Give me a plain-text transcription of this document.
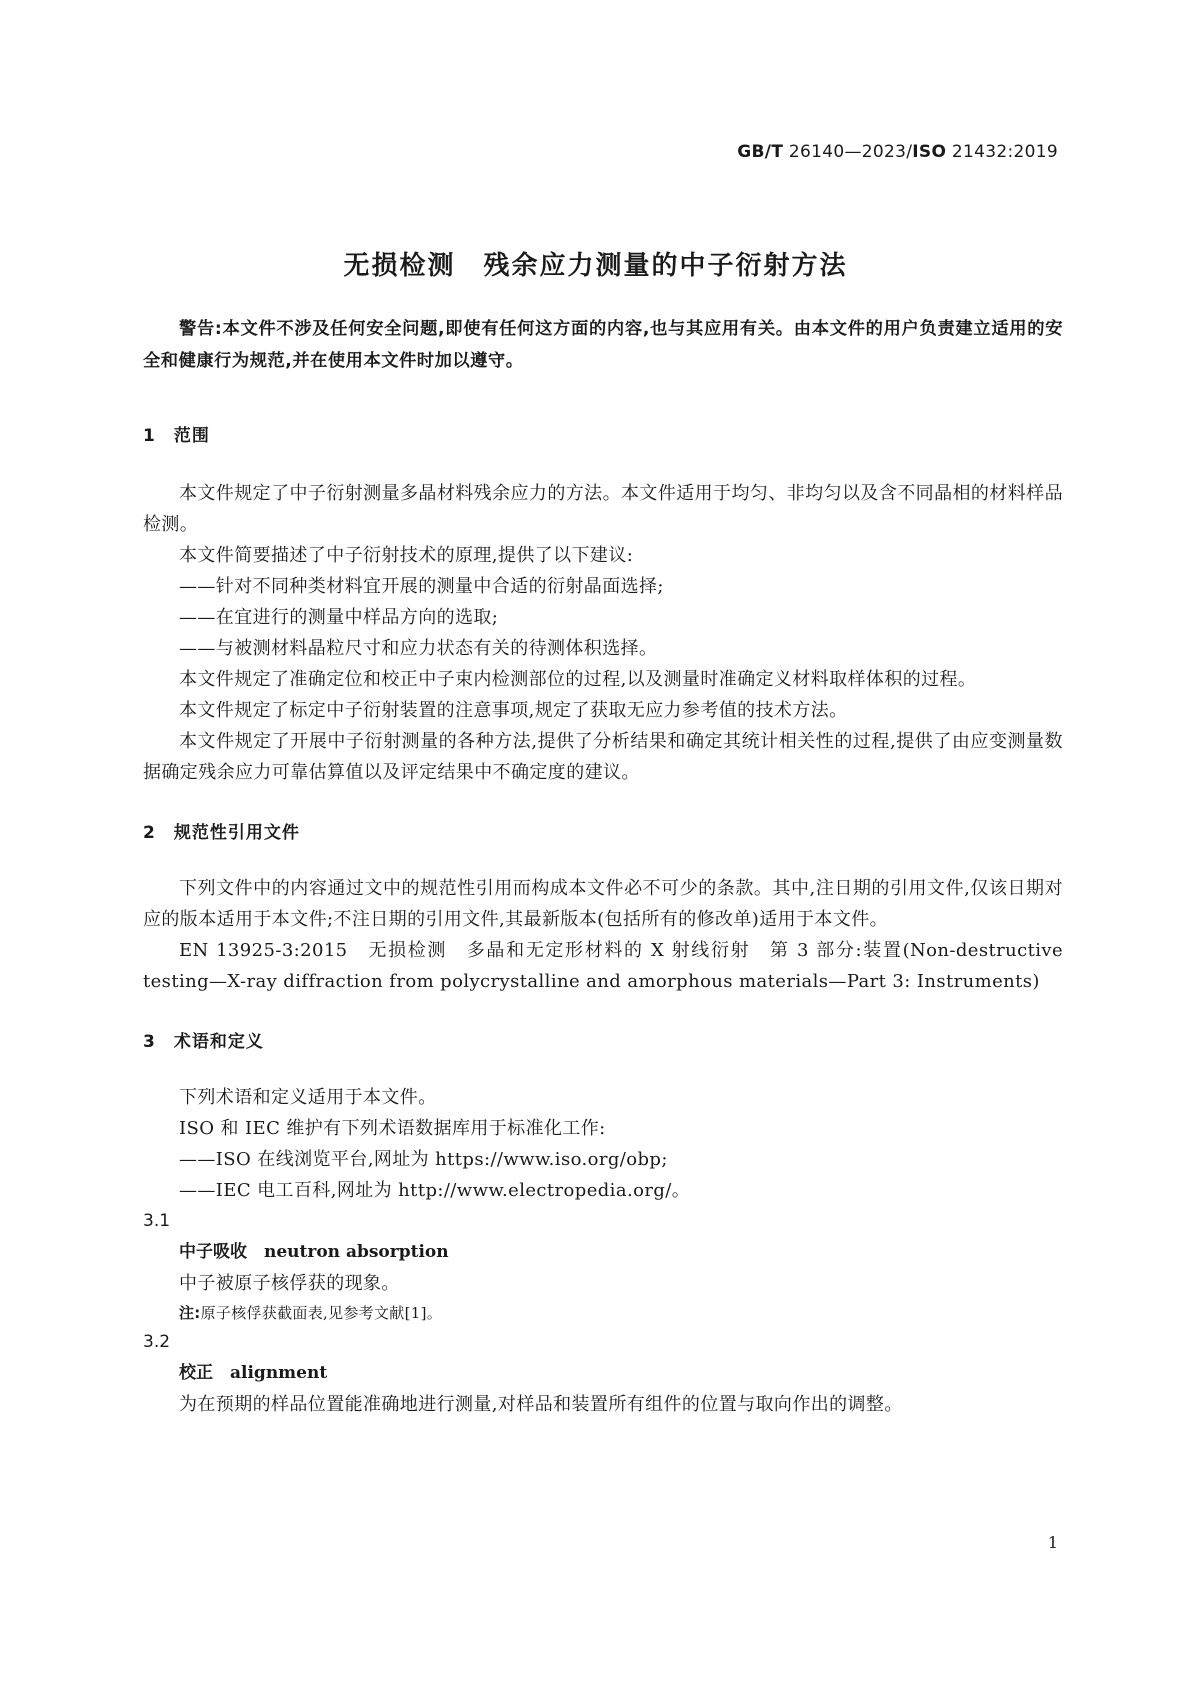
GB/T 26140—2023/ISO 21432:2019
无损检测　残余应力测量的中子衍射方法

警告:本文件不涉及任何安全问题,即使有任何这方面的内容,也与其应用有关。由本文件的用户负责建立适用的安全和健康行为规范,并在使用本文件时加以遵守。

1　范围

本文件规定了中子衍射测量多晶材料残余应力的方法。本文件适用于均匀、非均匀以及含不同晶相的材料样品检测。

本文件简要描述了中子衍射技术的原理,提供了以下建议:

——针对不同种类材料宜开展的测量中合适的衍射晶面选择;

——在宜进行的测量中样品方向的选取;

——与被测材料晶粒尺寸和应力状态有关的待测体积选择。

本文件规定了准确定位和校正中子束内检测部位的过程,以及测量时准确定义材料取样体积的过程。

本文件规定了标定中子衍射装置的注意事项,规定了获取无应力参考值的技术方法。

本文件规定了开展中子衍射测量的各种方法,提供了分析结果和确定其统计相关性的过程,提供了由应变测量数据确定残余应力可靠估算值以及评定结果中不确定度的建议。

2　规范性引用文件

下列文件中的内容通过文中的规范性引用而构成本文件必不可少的条款。其中,注日期的引用文件,仅该日期对应的版本适用于本文件;不注日期的引用文件,其最新版本(包括所有的修改单)适用于本文件。

EN 13925-3:2015　无损检测　多晶和无定形材料的 X 射线衍射　第 3 部分:装置(Non-destructive testing—X-ray diffraction from polycrystalline and amorphous materials—Part 3: Instruments)

3　术语和定义

下列术语和定义适用于本文件。

ISO 和 IEC 维护有下列术语数据库用于标准化工作:

——ISO 在线浏览平台,网址为 https://www.iso.org/obp;

——IEC 电工百科,网址为 http://www.electropedia.org/。

3.1

中子吸收　 neutron absorption

中子被原子核俘获的现象。

注:原子核俘获截面表,见参考文献[1]。

3.2

校正　 alignment

为在预期的样品位置能准确地进行测量,对样品和装置所有组件的位置与取向作出的调整。

1
